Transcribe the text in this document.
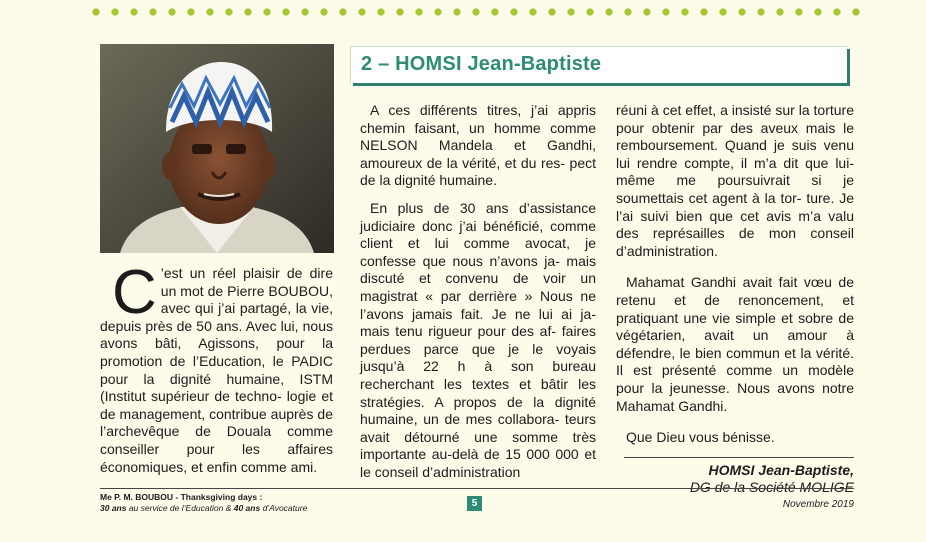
2 – HOMSI Jean-Baptiste

C ’est un réel plaisir de dire un mot de Pierre BOUBOU, avec qui j’ai partagé, la vie, depuis près de 50 ans. Avec lui, nous avons bâti, Agissons, pour la promotion de l’Education, le PADIC pour la dignité humaine, ISTM (Institut supérieur de techno- logie et de management, contribue auprès de l’archevêque de Douala comme conseiller pour les affaires économiques, et enfin comme ami.

A ces différents titres, j’ai appris chemin faisant, un homme comme NELSON Mandela et Gandhi, amoureux de la vérité, et du res- pect de la dignité humaine.

En plus de 30 ans d’assistance judiciaire donc j’ai bénéficié, comme client et lui comme avocat, je confesse que nous n’avons ja- mais discuté et convenu de voir un magistrat « par derrière » Nous ne l’avons jamais fait. Je ne lui ai ja- mais tenu rigueur pour des af- faires perdues parce que je le voyais jusqu’à 22 h à son bureau recherchant les textes et bâtir les stratégies. A propos de la dignité humaine, un de mes collabora- teurs avait détourné une somme très importante au-delà de 15 000 000 et le conseil d’administration

réuni à cet effet, a insisté sur la torture pour obtenir par des aveux mais le remboursement. Quand je suis venu lui rendre compte, il m’a dit que lui-même me poursuivrait si je soumettais cet agent à la tor- ture. Je l’ai suivi bien que cet avis m’a valu des représailles de mon conseil d’administration.

Mahamat Gandhi avait fait vœu de retenu et de renoncement, et pratiquant une vie simple et sobre de végétarien, avait un amour à défendre, le bien commun et la vérité. Il est présenté comme un modèle pour la jeunesse. Nous avons notre Mahamat Gandhi.

Que Dieu vous bénisse.

HOMSI Jean-Baptiste,

DG de la Société MOLIGE

Me P. M. BOUBOU - Thanksgiving days :
30 ans au service de l’Education & 40 ans d’Avocature	5	Novembre 2019
